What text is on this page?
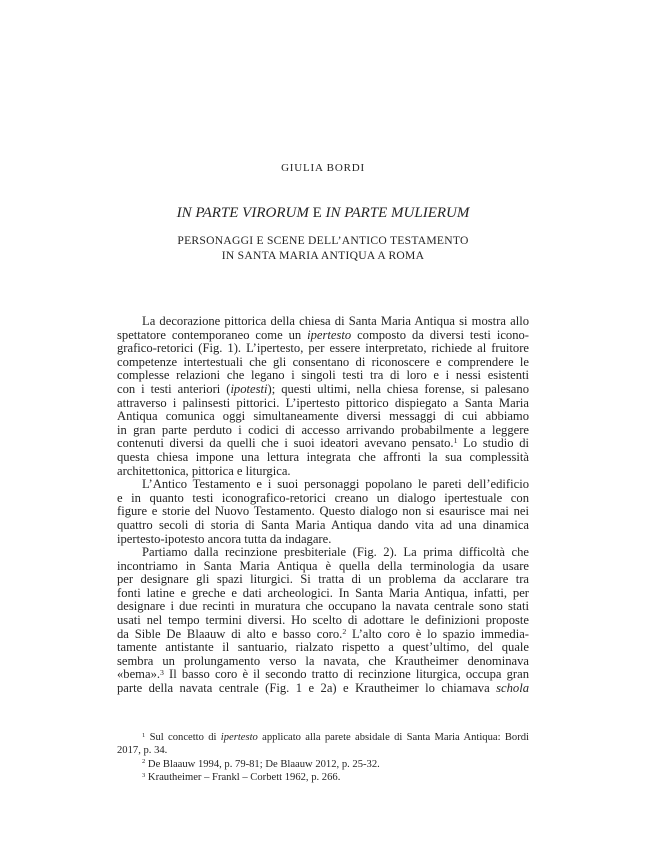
GIULIA BORDI
IN PARTE VIRORUM E IN PARTE MULIERUM
PERSONAGGI E SCENE DELL’ANTICO TESTAMENTO
IN SANTA MARIA ANTIQUA A ROMA
La decorazione pittorica della chiesa di Santa Maria Antiqua si mostra allo
spettatore contemporaneo come un ipertesto composto da diversi testi icono-
grafico-retorici (Fig. 1). L’ipertesto, per essere interpretato, richiede al fruitore
competenze intertestuali che gli consentano di riconoscere e comprendere le
complesse relazioni che legano i singoli testi tra di loro e i nessi esistenti
con i testi anteriori (ipotesti); questi ultimi, nella chiesa forense, si palesano
attraverso i palinsesti pittorici. L’ipertesto pittorico dispiegato a Santa Maria
Antiqua comunica oggi simultaneamente diversi messaggi di cui abbiamo
in gran parte perduto i codici di accesso arrivando probabilmente a leggere
contenuti diversi da quelli che i suoi ideatori avevano pensato.$^1$ Lo studio di
questa chiesa impone una lettura integrata che affronti la sua complessità
architettonica, pittorica e liturgica.
L’Antico Testamento e i suoi personaggi popolano le pareti dell’edificio
e in quanto testi iconografico-retorici creano un dialogo ipertestuale con
figure e storie del Nuovo Testamento. Questo dialogo non si esaurisce mai nei
quattro secoli di storia di Santa Maria Antiqua dando vita ad una dinamica
ipertesto-ipotesto ancora tutta da indagare.
Partiamo dalla recinzione presbiteriale (Fig. 2). La prima difficoltà che
incontriamo in Santa Maria Antiqua è quella della terminologia da usare
per designare gli spazi liturgici. Si tratta di un problema da acclarare tra
fonti latine e greche e dati archeologici. In Santa Maria Antiqua, infatti, per
designare i due recinti in muratura che occupano la navata centrale sono stati
usati nel tempo termini diversi. Ho scelto di adottare le definizioni proposte
da Sible De Blaauw di alto e basso coro.$^2$ L’alto coro è lo spazio immedia-
tamente antistante il santuario, rialzato rispetto a quest’ultimo, del quale
sembra un prolungamento verso la navata, che Krautheimer denominava
«bema».$^3$ Il basso coro è il secondo tratto di recinzione liturgica, occupa gran
parte della navata centrale (Fig. 1 e 2a) e Krautheimer lo chiamava schola
$^1$ Sul concetto di ipertesto applicato alla parete absidale di Santa Maria Antiqua: Bordi
2017, p. 34.
$^2$ De Blaauw 1994, p. 79-81; De Blaauw 2012, p. 25-32.
$^3$ Krautheimer – Frankl – Corbett 1962, p. 266.
